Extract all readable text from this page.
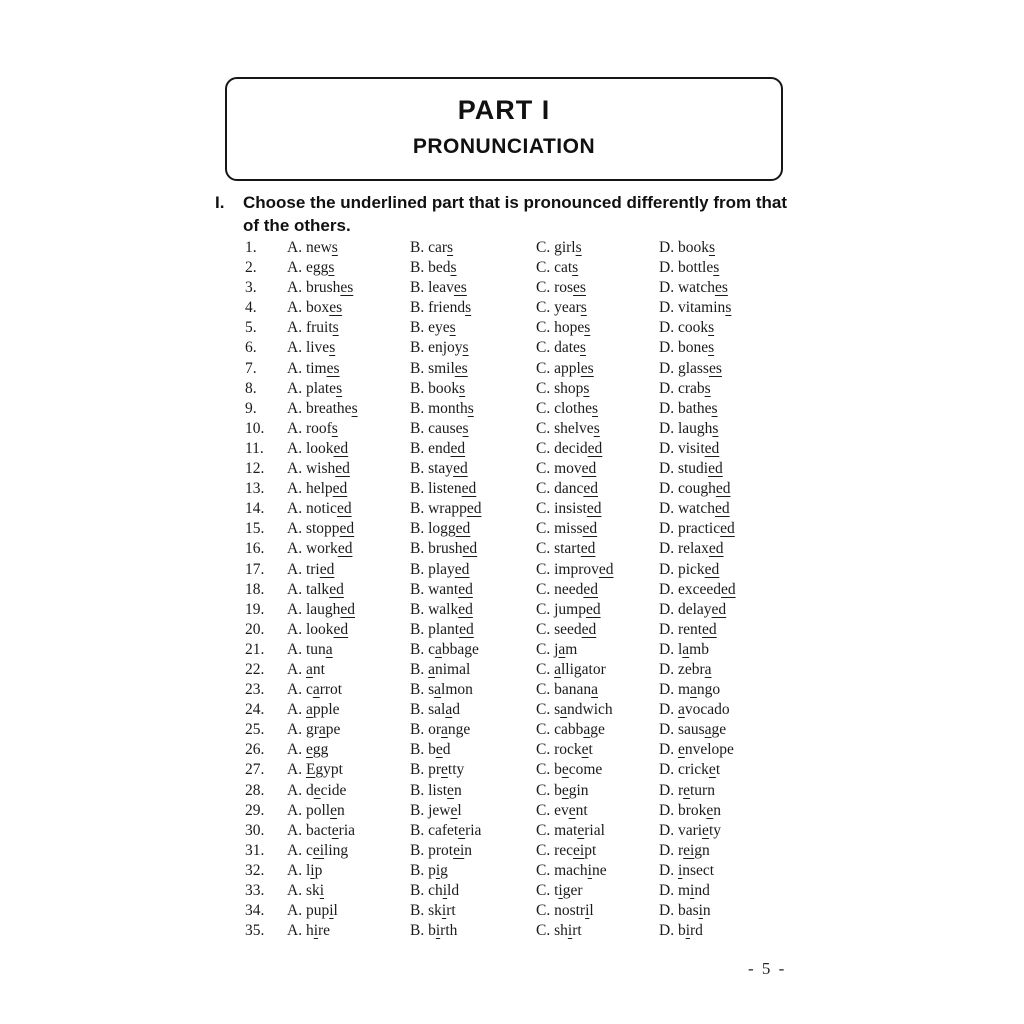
PART I
PRONUNCIATION
I.	Choose the underlined part that is pronounced differently from that of the others.
1.	A. news	B. cars	C. girls	D. books
2.	A. eggs	B. beds	C. cats	D. bottles
3.	A. brushes	B. leaves	C. roses	D. watches
4.	A. boxes	B. friends	C. years	D. vitamins
5.	A. fruits	B. eyes	C. hopes	D. cooks
6.	A. lives	B. enjoys	C. dates	D. bones
7.	A. times	B. smiles	C. apples	D. glasses
8.	A. plates	B. books	C. shops	D. crabs
9.	A. breathes	B. months	C. clothes	D. bathes
10.	A. roofs	B. causes	C. shelves	D. laughs
11.	A. looked	B. ended	C. decided	D. visited
12.	A. wished	B. stayed	C. moved	D. studied
13.	A. helped	B. listened	C. danced	D. coughed
14.	A. noticed	B. wrapped	C. insisted	D. watched
15.	A. stopped	B. logged	C. missed	D. practiced
16.	A. worked	B. brushed	C. started	D. relaxed
17.	A. tried	B. played	C. improved	D. picked
18.	A. talked	B. wanted	C. needed	D. exceeded
19.	A. laughed	B. walked	C. jumped	D. delayed
20.	A. looked	B. planted	C. seeded	D. rented
21.	A. tuna	B. cabbage	C. jam	D. lamb
22.	A. ant	B. animal	C. alligator	D. zebra
23.	A. carrot	B. salmon	C. banana	D. mango
24.	A. apple	B. salad	C. sandwich	D. avocado
25.	A. grape	B. orange	C. cabbage	D. sausage
26.	A. egg	B. bed	C. rocket	D. envelope
27.	A. Egypt	B. pretty	C. become	D. cricket
28.	A. decide	B. listen	C. begin	D. return
29.	A. pollen	B. jewel	C. event	D. broken
30.	A. bacteria	B. cafeteria	C. material	D. variety
31.	A. ceiling	B. protein	C. receipt	D. reign
32.	A. lip	B. pig	C. machine	D. insect
33.	A. ski	B. child	C. tiger	D. mind
34.	A. pupil	B. skirt	C. nostril	D. basin
35.	A. hire	B. birth	C. shirt	D. bird
- 5 -
